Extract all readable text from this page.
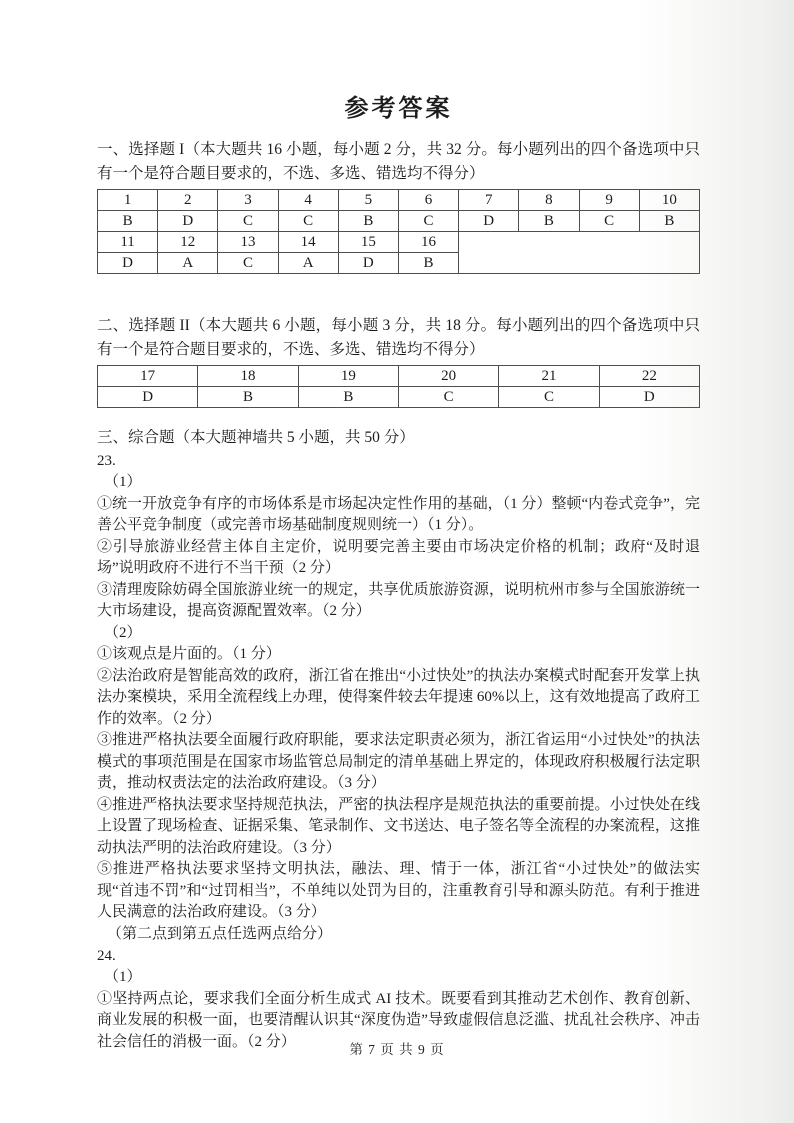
参考答案

一、选择题 I（本大题共 16 小题，每小题 2 分，共 32 分。每小题列出的四个备选项中只有一个是符合题目要求的，不选、多选、错选均不得分）

1	2	3	4	5	6	7	8	9	10
B	D	C	C	B	C	D	B	C	B
11	12	13	14	15	16				
D	A	C	A	D	B				

二、选择题 II（本大题共 6 小题，每小题 3 分，共 18 分。每小题列出的四个备选项中只有一个是符合题目要求的，不选、多选、错选均不得分）

17	18	19	20	21	22
D	B	B	C	C	D

三、综合题（本大题神墙共 5 小题，共 50 分）

23.

（1）

①统一开放竞争有序的市场体系是市场起决定性作用的基础，（1 分）整顿“内卷式竞争”，完善公平竞争制度（或完善市场基础制度规则统一）（1 分）。

②引导旅游业经营主体自主定价，说明要完善主要由市场决定价格的机制；政府“及时退场”说明政府不进行不当干预（2 分）

③清理废除妨碍全国旅游业统一的规定，共享优质旅游资源，说明杭州市参与全国旅游统一大市场建设，提高资源配置效率。（2 分）

（2）

①该观点是片面的。（1 分）

②法治政府是智能高效的政府，浙江省在推出“小过快处”的执法办案模式时配套开发掌上执法办案模块，采用全流程线上办理，使得案件较去年提速 60%以上，这有效地提高了政府工作的效率。（2 分）

③推进严格执法要全面履行政府职能，要求法定职责必须为，浙江省运用“小过快处”的执法模式的事项范围是在国家市场监管总局制定的清单基础上界定的，体现政府积极履行法定职责，推动权责法定的法治政府建设。（3 分）

④推进严格执法要求坚持规范执法，严密的执法程序是规范执法的重要前提。小过快处在线上设置了现场检查、证据采集、笔录制作、文书送达、电子签名等全流程的办案流程，这推动执法严明的法治政府建设。（3 分）

⑤推进严格执法要求坚持文明执法，融法、理、情于一体，浙江省“小过快处”的做法实现“首违不罚”和“过罚相当”，不单纯以处罚为目的，注重教育引导和源头防范。有利于推进人民满意的法治政府建设。（3 分）

（第二点到第五点任选两点给分）

24.

（1）

①坚持两点论，要求我们全面分析生成式 AI 技术。既要看到其推动艺术创作、教育创新、商业发展的积极一面，也要清醒认识其“深度伪造”导致虚假信息泛滥、扰乱社会秩序、冲击社会信任的消极一面。（2 分）	第 7 页 共 9 页
